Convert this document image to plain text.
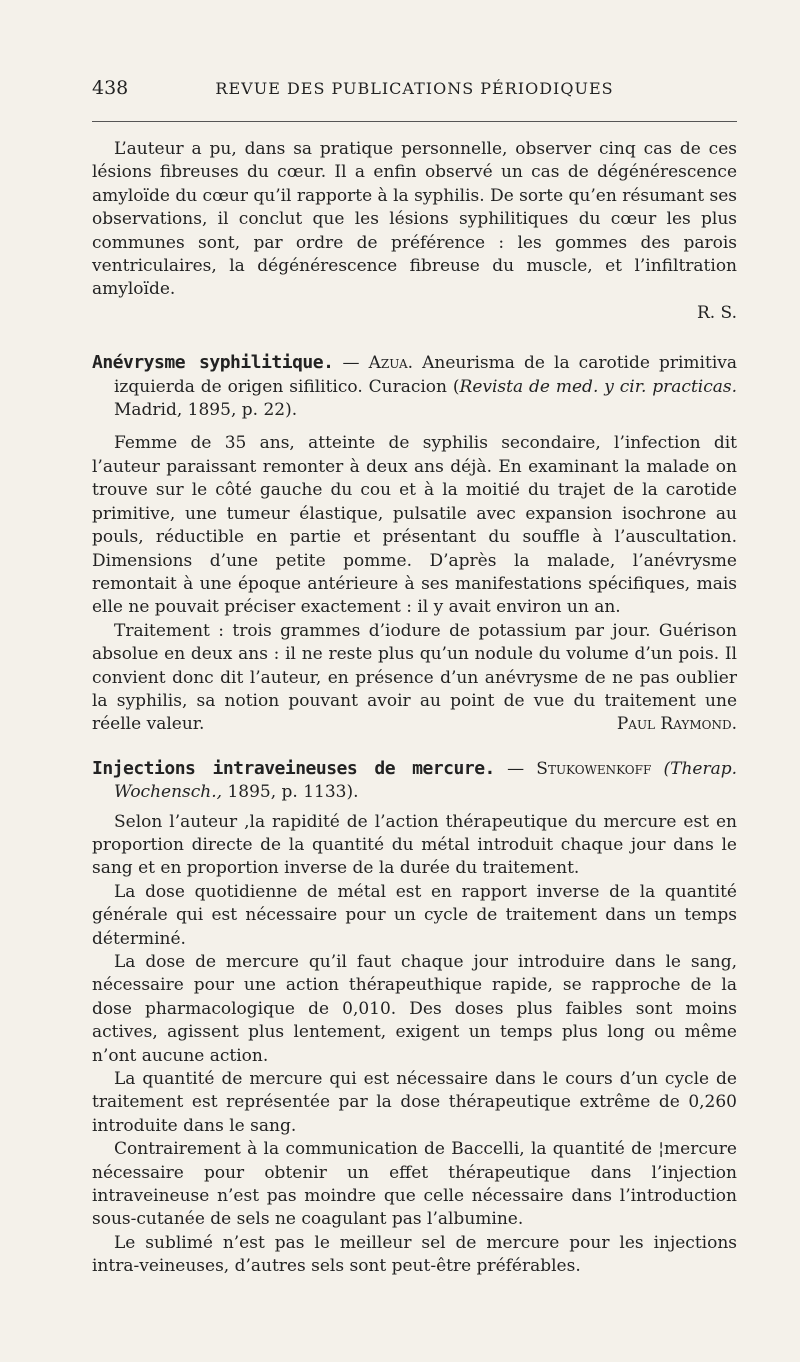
438	REVUE DES PUBLICATIONS PÉRIODIQUES

L’auteur a pu, dans sa pratique personnelle, observer cinq cas de ces lésions fibreuses du cœur. Il a enfin observé un cas de dégénérescence amyloïde du cœur qu’il rapporte à la syphilis. De sorte qu’en résumant ses observations, il conclut que les lésions syphilitiques du cœur les plus communes sont, par ordre de préférence : les gommes des parois ventriculaires, la dégénérescence fibreuse du muscle, et l’infiltration amyloïde.

R. S.

Anévrysme syphilitique. — Azua. Aneurisma de la carotide primitiva izquierda de origen sifilitico. Curacion (Revista de med. y cir. practicas. Madrid, 1895, p. 22).

Femme de 35 ans, atteinte de syphilis secondaire, l’infection dit l’auteur paraissant remonter à deux ans déjà. En examinant la malade on trouve sur le côté gauche du cou et à la moitié du trajet de la carotide primitive, une tumeur élastique, pulsatile avec expansion isochrone au pouls, réductible en partie et présentant du souffle à l’auscultation. Dimensions d’une petite pomme. D’après la malade, l’anévrysme remontait à une époque antérieure à ses manifestations spécifiques, mais elle ne pouvait préciser exactement : il y avait environ un an.

Traitement : trois grammes d’iodure de potassium par jour. Guérison absolue en deux ans : il ne reste plus qu’un nodule du volume d’un pois. Il convient donc dit l’auteur, en présence d’un anévrysme de ne pas oublier la syphilis, sa notion pouvant avoir au point de vue du traitement une réelle valeur.	Paul Raymond.

Injections intraveineuses de mercure. — Stukowenkoff (Therap. Wochensch., 1895, p. 1133).

Selon l’auteur ,la rapidité de l’action thérapeutique du mercure est en proportion directe de la quantité du métal introduit chaque jour dans le sang et en proportion inverse de la durée du traitement.

La dose quotidienne de métal est en rapport inverse de la quantité générale qui est nécessaire pour un cycle de traitement dans un temps déterminé.

La dose de mercure qu’il faut chaque jour introduire dans le sang, nécessaire pour une action thérapeuthique rapide, se rapproche de la dose pharmacologique de 0,010. Des doses plus faibles sont moins actives, agissent plus lentement, exigent un temps plus long ou même n’ont aucune action.

La quantité de mercure qui est nécessaire dans le cours d’un cycle de traitement est représentée par la dose thérapeutique extrême de 0,260 introduite dans le sang.

Contrairement à la communication de Baccelli, la quantité de ¦mercure nécessaire pour obtenir un effet thérapeutique dans l’injection intraveineuse n’est pas moindre que celle nécessaire dans l’introduction sous-cutanée de sels ne coagulant pas l’albumine.

Le sublimé n’est pas le meilleur sel de mercure pour les injections intra-veineuses, d’autres sels sont peut-être préférables.
